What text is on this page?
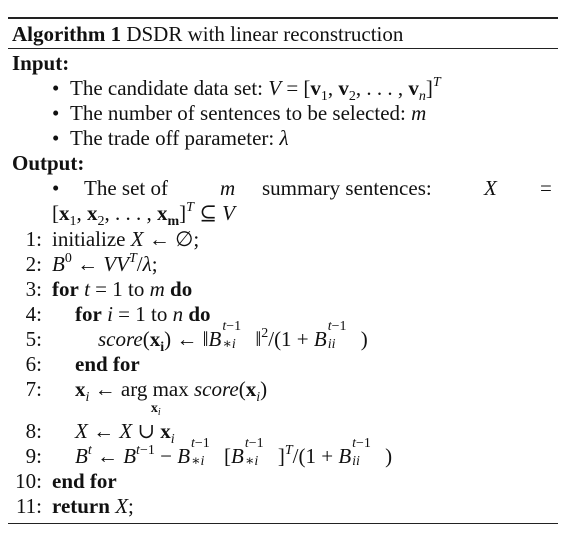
Algorithm 1 DSDR with linear reconstruction
Input:
• The candidate data set: $V = [v_1$, $v_2$, . . . , $v_n]^T$
• The number of sentences to be selected: m
• The trade off parameter: λ
Output:
• The set of m summary sentences: X =
[$x_1$, $x_2$, . . . , $x_m]^T$ ⊆ V
1:
2:
3:
4:
5:
6:
7:
8:
9:
10:
11:
initialize X ← ∅;
$B^0$ ← $VV^T/\lambda$;
for t = 1 to m do
for i = 1 to n do
$score(x_i)$ ← ‖B
t−1
∗i ‖$^2$/(1 + B
t−1
ii )
end for
$x_i$ ← arg max
$x_i$
$score(x_i)$
X ← X ∪ $x_i$
$B^t$ ← $B^{t-1} - B$
t−1
∗i [B
t−1
∗i ]$^T$/(1 + B
t−1
ii )
end for
return X;
